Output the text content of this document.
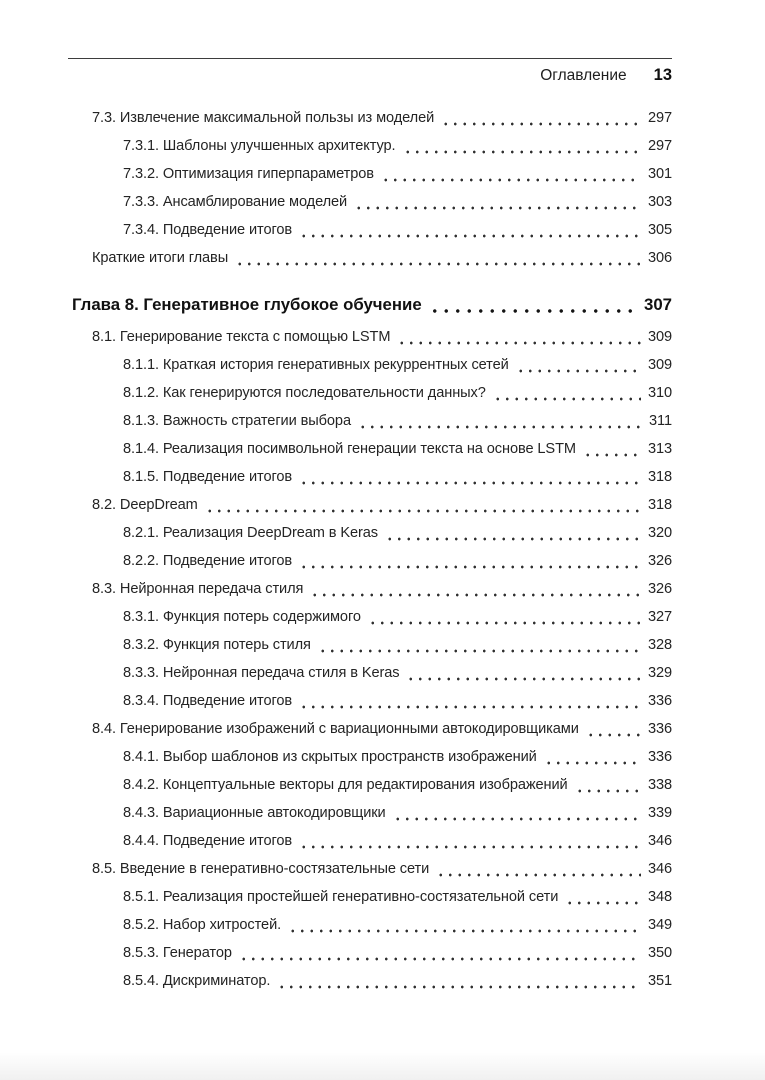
Оглавление 13
7.3. Извлечение максимальной пользы из моделей	297
7.3.1. Шаблоны улучшенных архитектур.	297
7.3.2. Оптимизация гиперпараметров	301
7.3.3. Ансамблирование моделей	303
7.3.4. Подведение итогов	305
Краткие итоги главы	306
Глава 8. Генеративное глубокое обучение	307
8.1. Генерирование текста с помощью LSTM	309
8.1.1. Краткая история генеративных рекуррентных сетей	309
8.1.2. Как генерируются последовательности данных?	310
8.1.3. Важность стратегии выбора	311
8.1.4. Реализация посимвольной генерации текста на основе LSTM	313
8.1.5. Подведение итогов	318
8.2. DeepDream	318
8.2.1. Реализация DeepDream в Keras	320
8.2.2. Подведение итогов	326
8.3. Нейронная передача стиля	326
8.3.1. Функция потерь содержимого	327
8.3.2. Функция потерь стиля	328
8.3.3. Нейронная передача стиля в Keras	329
8.3.4. Подведение итогов	336
8.4. Генерирование изображений с вариационными автокодировщиками	336
8.4.1. Выбор шаблонов из скрытых пространств изображений	336
8.4.2. Концептуальные векторы для редактирования изображений	338
8.4.3. Вариационные автокодировщики	339
8.4.4. Подведение итогов	346
8.5. Введение в генеративно-состязательные сети	346
8.5.1. Реализация простейшей генеративно-состязательной сети	348
8.5.2. Набор хитростей.	349
8.5.3. Генератор	350
8.5.4. Дискриминатор.	351
